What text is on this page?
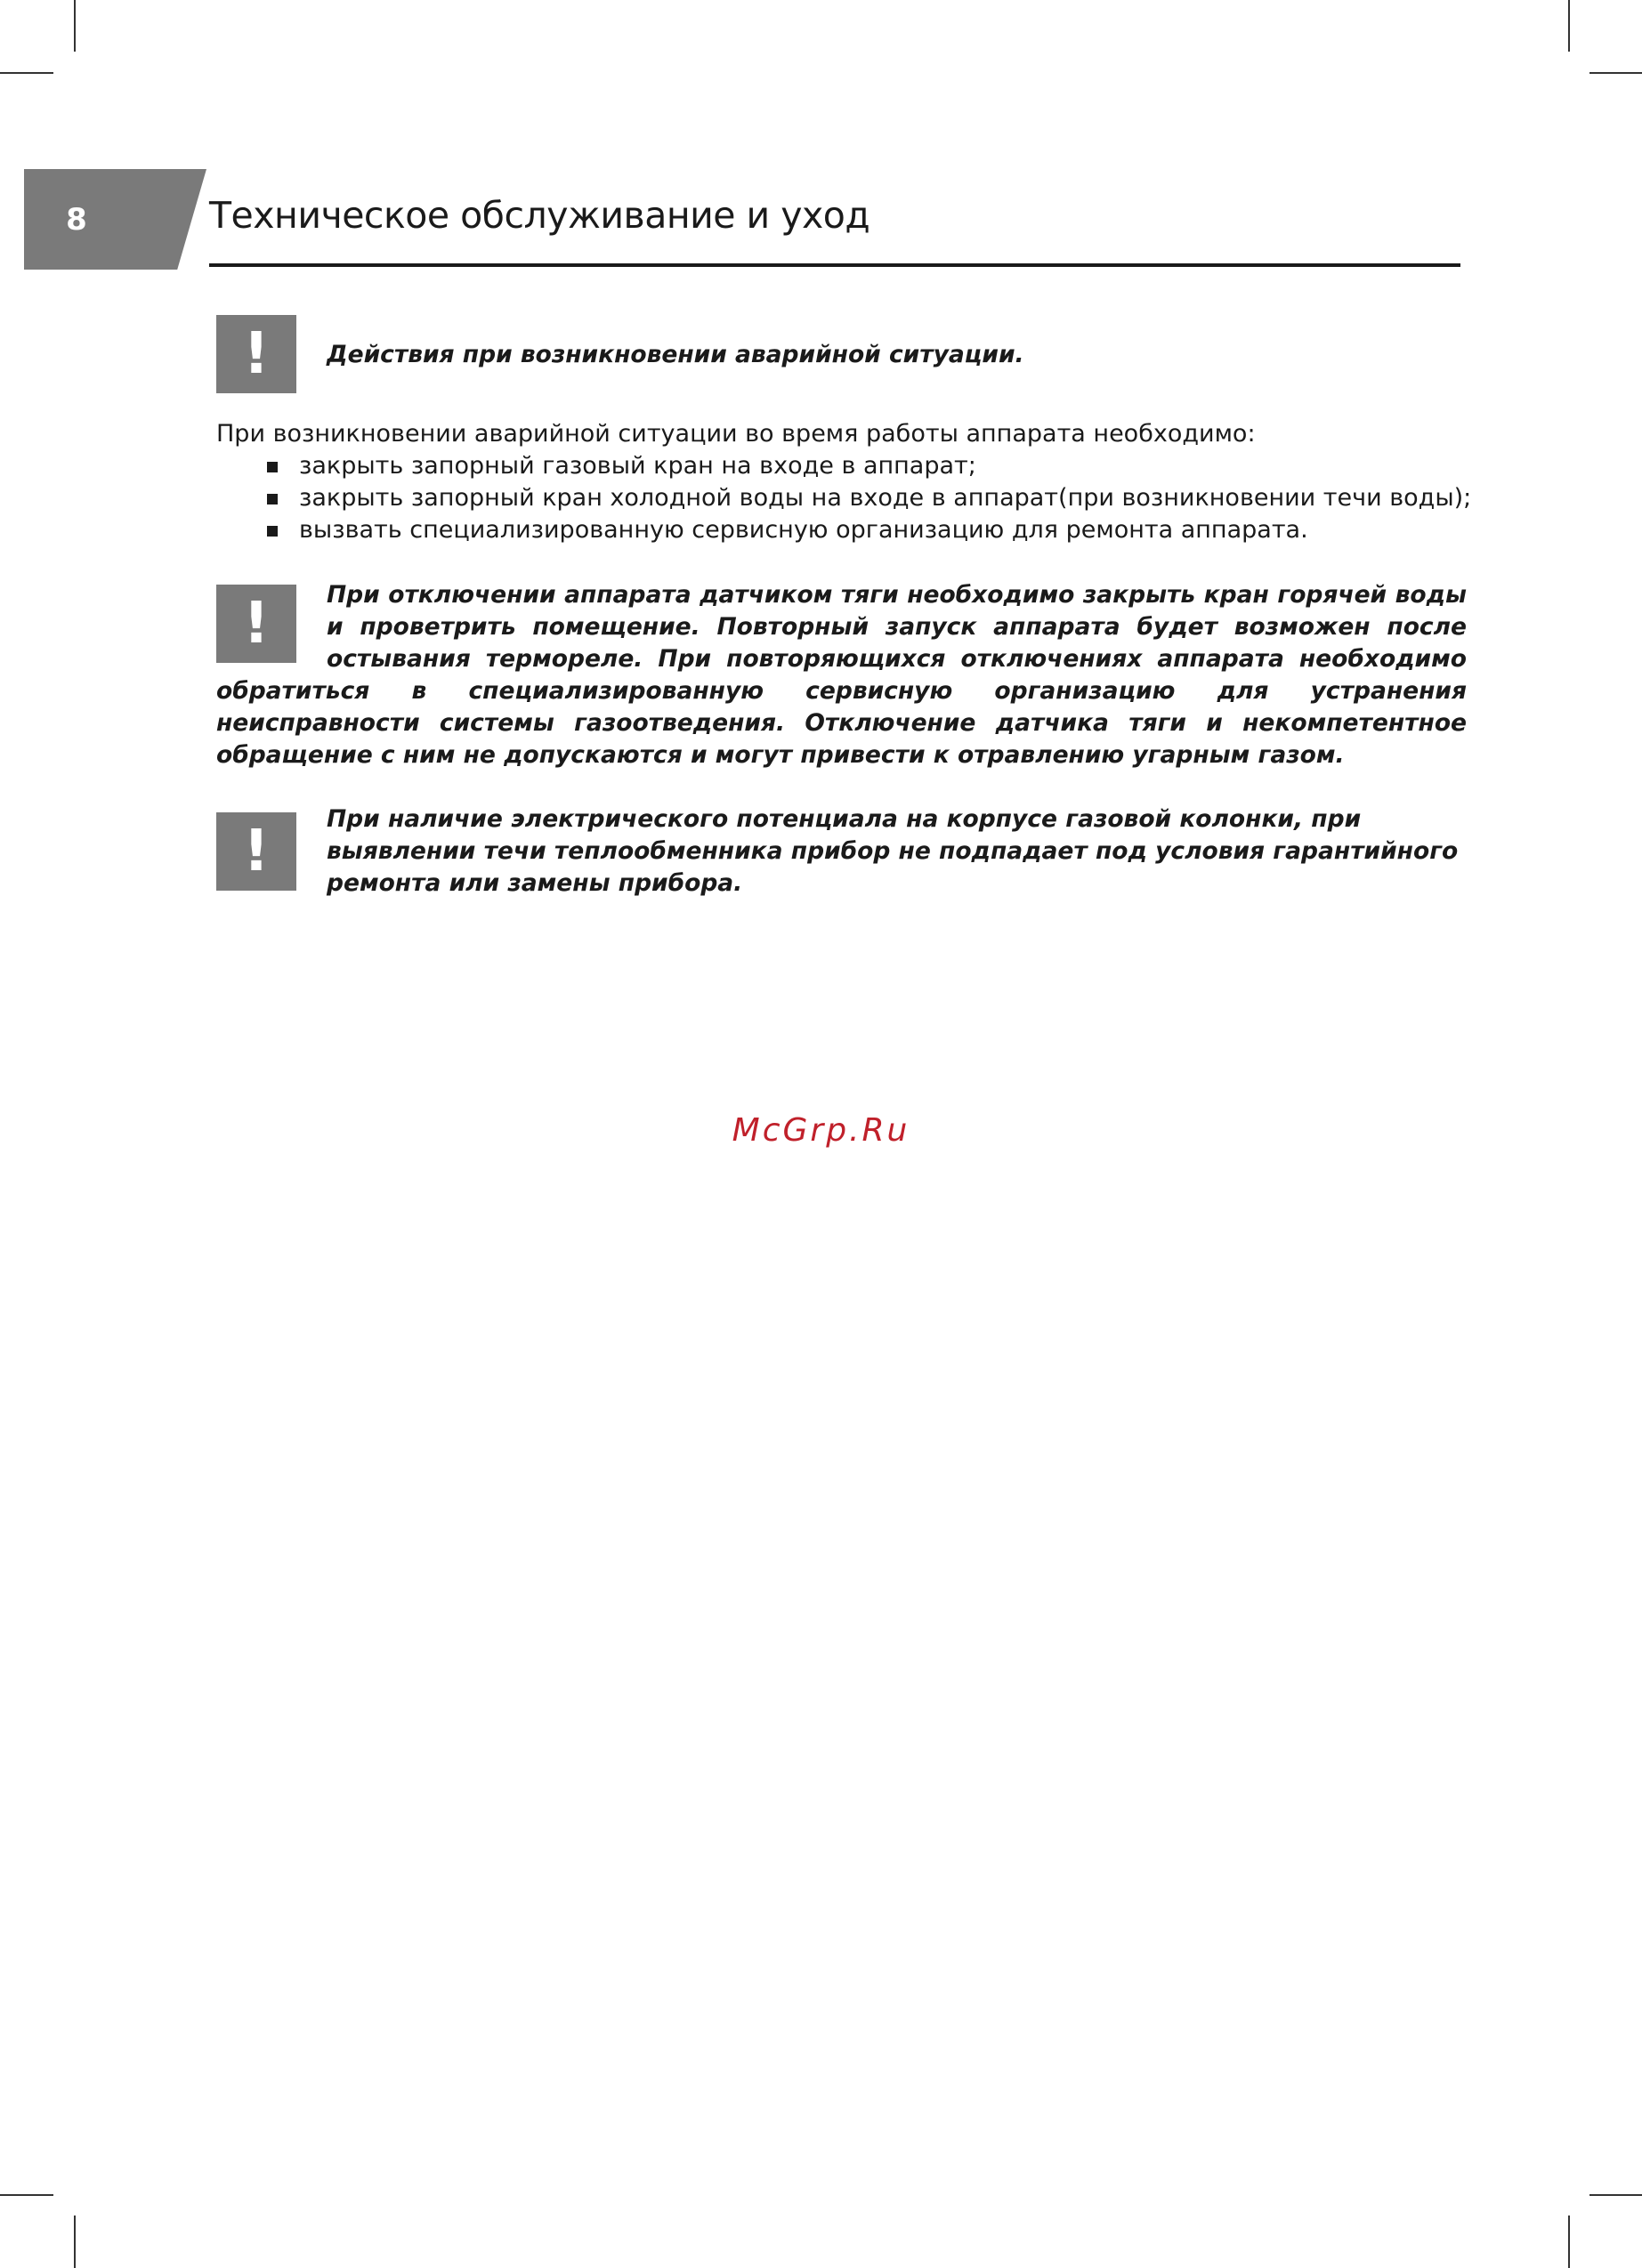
8	Техническое обслуживание и уход
! Действия при возникновении аварийной ситуации.

При возникновении аварийной ситуации во время работы аппарата необходимо:

закрыть запорный газовый кран на входе в аппарат;
закрыть запорный кран холодной воды на входе в аппарат(при возникновении течи воды);
вызвать специализированную сервисную организацию для ремонта аппарата.
!	При отключении аппарата датчиком тяги необходимо закрыть кран горячей воды и проветрить помещение. Повторный запуск аппарата будет возможен после остывания термореле. При повторяющихся отключениях аппарата необходимо обратиться в специализированную сервисную организацию для устранения неисправности системы газоотведения. Отключение датчика тяги и некомпетентное обращение с ним не допускаются и могут привести к отравлению угарным газом.
! При наличие электрического потенциала на корпусе газовой колонки, при выявлении течи теплообменника прибор не подпадает под условия гарантийного ремонта или замены прибора.
McGrp.Ru
